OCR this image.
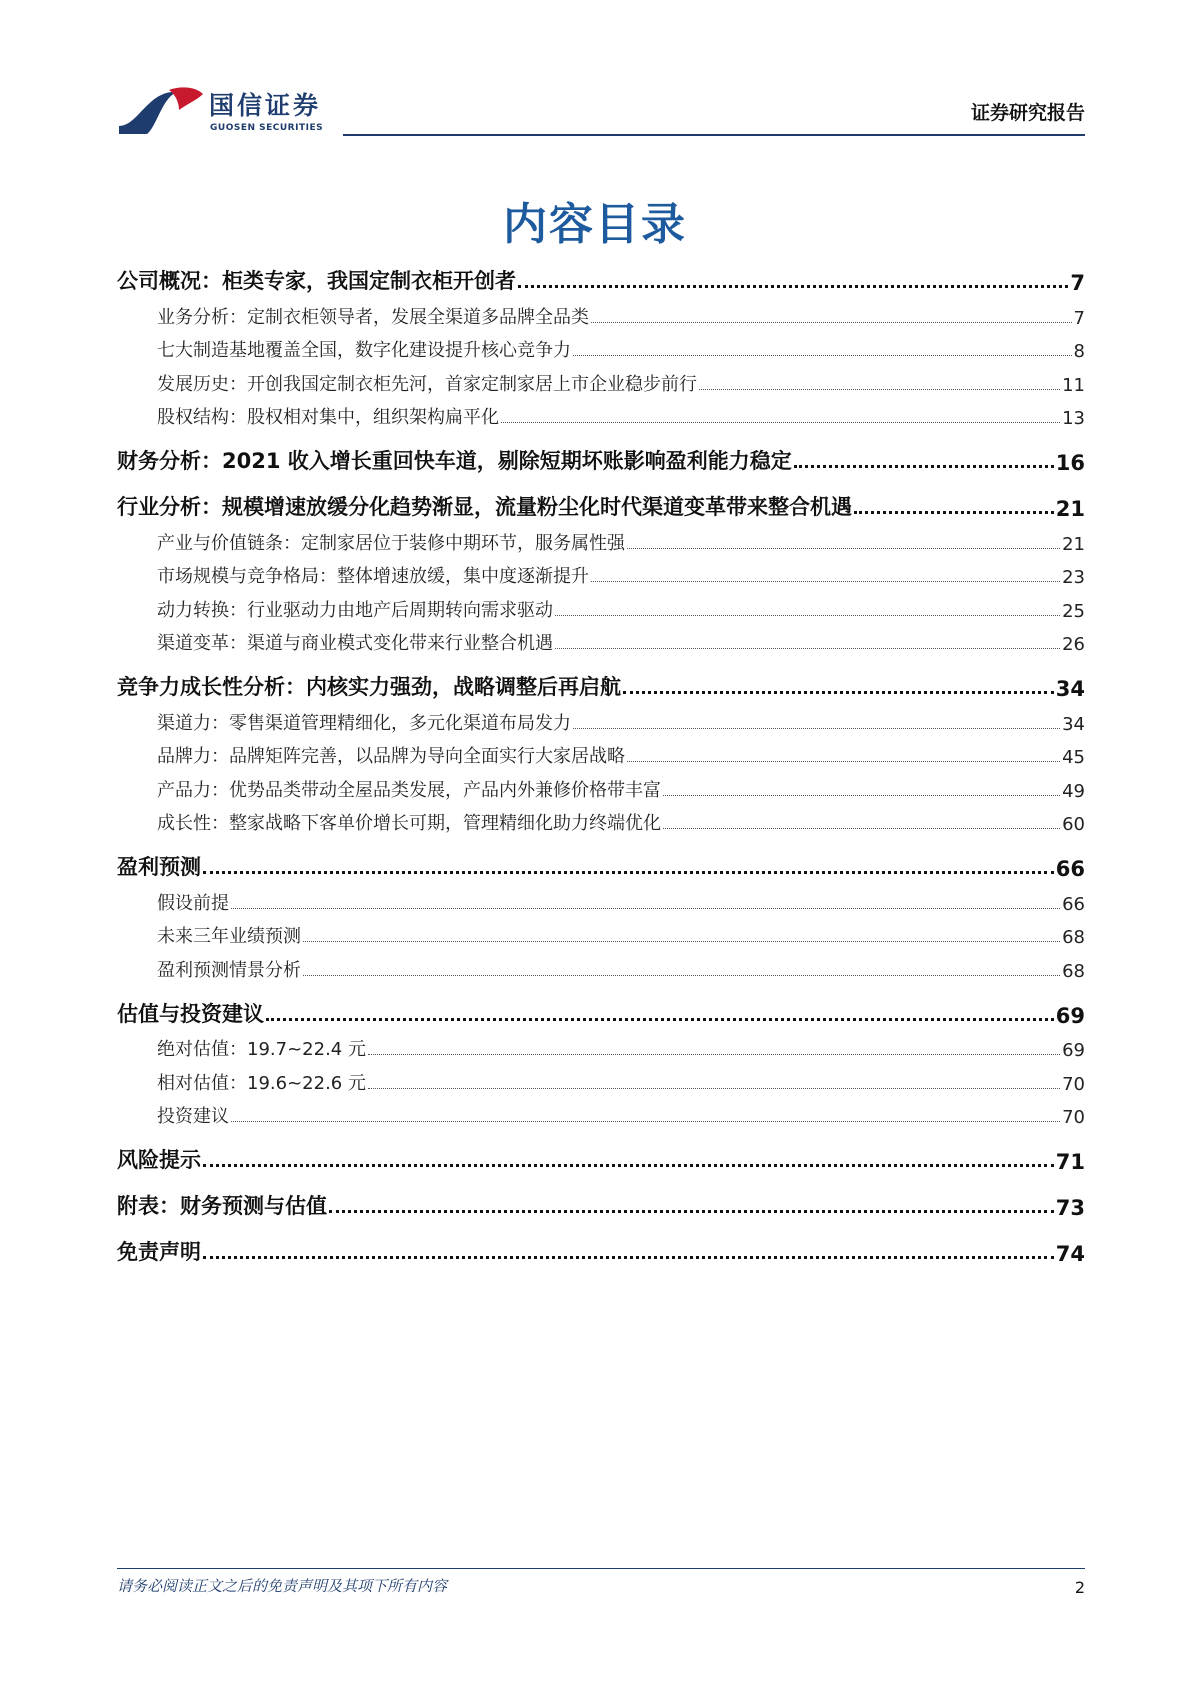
国信证券
GUOSEN SECURITIES
证券研究报告
内容目录
公司概况：柜类专家，我国定制衣柜开创者	7
业务分析：定制衣柜领导者，发展全渠道多品牌全品类	7
七大制造基地覆盖全国，数字化建设提升核心竞争力	8
发展历史：开创我国定制衣柜先河，首家定制家居上市企业稳步前行	11
股权结构：股权相对集中，组织架构扁平化	13
财务分析：2021 收入增长重回快车道，剔除短期坏账影响盈利能力稳定	16
行业分析：规模增速放缓分化趋势渐显，流量粉尘化时代渠道变革带来整合机遇	21
产业与价值链条：定制家居位于装修中期环节，服务属性强	21
市场规模与竞争格局：整体增速放缓，集中度逐渐提升	23
动力转换：行业驱动力由地产后周期转向需求驱动	25
渠道变革：渠道与商业模式变化带来行业整合机遇	26
竞争力成长性分析：内核实力强劲，战略调整后再启航	34
渠道力：零售渠道管理精细化，多元化渠道布局发力	34
品牌力：品牌矩阵完善，以品牌为导向全面实行大家居战略	45
产品力：优势品类带动全屋品类发展，产品内外兼修价格带丰富	49
成长性：整家战略下客单价增长可期，管理精细化助力终端优化	60
盈利预测	66
假设前提	66
未来三年业绩预测	68
盈利预测情景分析	68
估值与投资建议	69
绝对估值：19.7~22.4 元	69
相对估值：19.6~22.6 元	70
投资建议	70
风险提示	71
附表：财务预测与估值	73
免责声明	74
请务必阅读正文之后的免责声明及其项下所有内容	2
